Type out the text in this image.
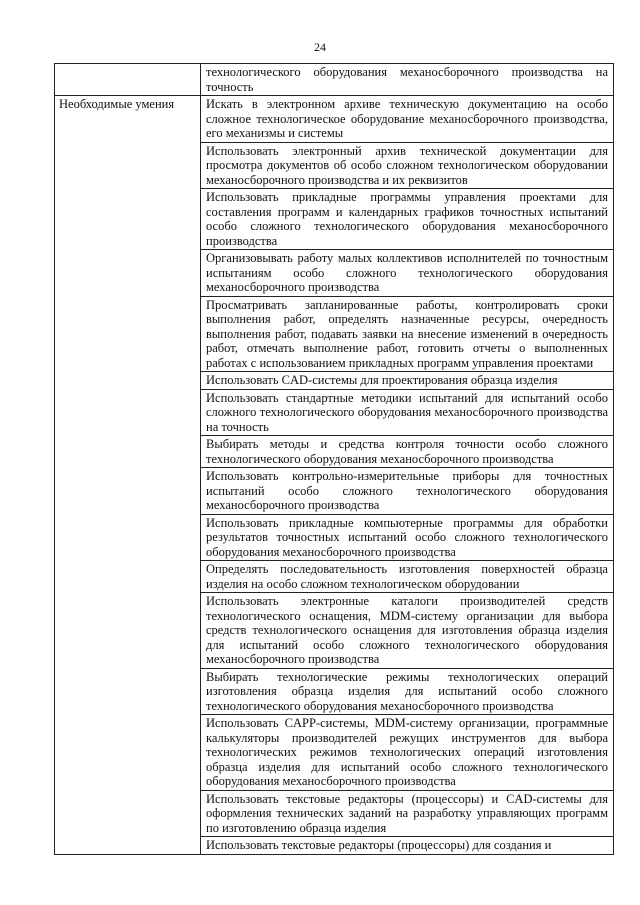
24
технологического оборудования механосборочного производства на точность
Необходимые умения	Искать в электронном архиве техническую документацию на особо сложное технологическое оборудование механосборочного производства, его механизмы и системы
Использовать электронный архив технической документации для просмотра документов об особо сложном технологическом оборудовании механосборочного производства и их реквизитов
Использовать прикладные программы управления проектами для составления программ и календарных графиков точностных испытаний особо сложного технологического оборудования механосборочного производства
Организовывать работу малых коллективов исполнителей по точностным испытаниям особо сложного технологического оборудования механосборочного производства
Просматривать запланированные работы, контролировать сроки выполнения работ, определять назначенные ресурсы, очередность выполнения работ, подавать заявки на внесение изменений в очередность работ, отмечать выполнение работ, готовить отчеты о выполненных работах с использованием прикладных программ управления проектами
Использовать CAD-системы для проектирования образца изделия
Использовать стандартные методики испытаний для испытаний особо сложного технологического оборудования механосборочного производства на точность
Выбирать методы и средства контроля точности особо сложного технологического оборудования механосборочного производства
Использовать контрольно-измерительные приборы для точностных испытаний особо сложного технологического оборудования механосборочного производства
Использовать прикладные компьютерные программы для обработки результатов точностных испытаний особо сложного технологического оборудования механосборочного производства
Определять последовательность изготовления поверхностей образца изделия на особо сложном технологическом оборудовании
Использовать электронные каталоги производителей средств технологического оснащения, MDM-систему организации для выбора средств технологического оснащения для изготовления образца изделия для испытаний особо сложного технологического оборудования механосборочного производства
Выбирать технологические режимы технологических операций изготовления образца изделия для испытаний особо сложного технологического оборудования механосборочного производства
Использовать CAPP-системы, MDM-систему организации, программные калькуляторы производителей режущих инструментов для выбора технологических режимов технологических операций изготовления образца изделия для испытаний особо сложного технологического оборудования механосборочного производства
Использовать текстовые редакторы (процессоры) и CAD-системы для оформления технических заданий на разработку управляющих программ по изготовлению образца изделия
Использовать текстовые редакторы (процессоры) для создания и
